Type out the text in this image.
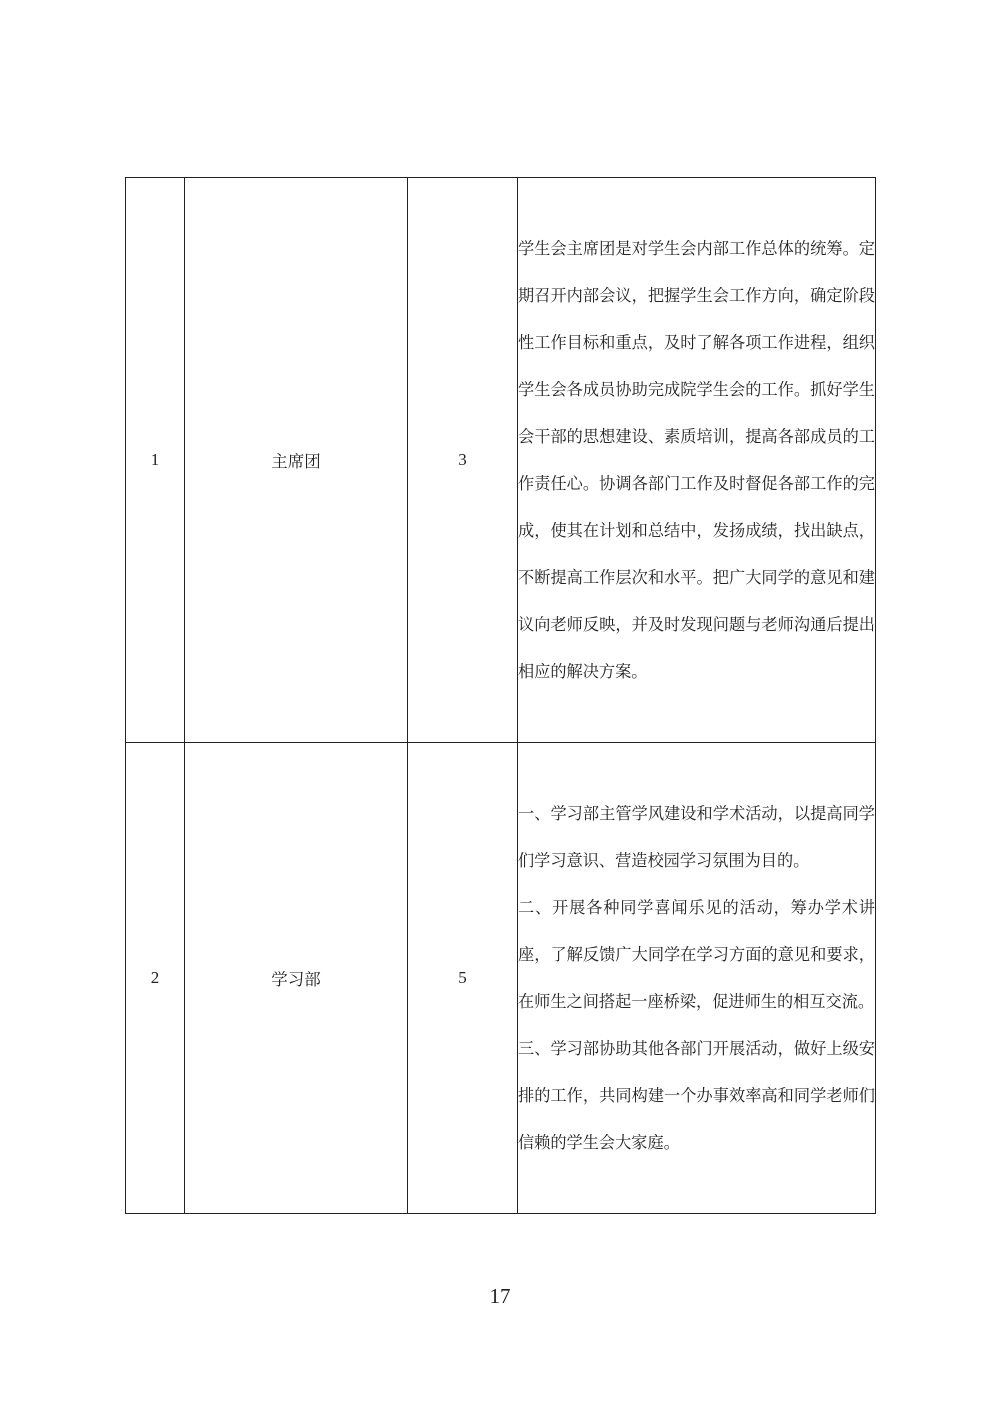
1	主席团	3	学生会主席团是对学生会内部工作总体的统筹。定期召开内部会议，把握学生会工作方向，确定阶段性工作目标和重点，及时了解各项工作进程，组织学生会各成员协助完成院学生会的工作。抓好学生会干部的思想建设、素质培训，提高各部成员的工作责任心。协调各部门工作及时督促各部工作的完成，使其在计划和总结中，发扬成绩，找出缺点，不断提高工作层次和水平。把广大同学的意见和建议向老师反映，并及时发现问题与老师沟通后提出相应的解决方案。

2	学习部	5	一、学习部主管学风建设和学术活动，以提高同学们学习意识、营造校园学习氛围为目的。

二、开展各种同学喜闻乐见的活动，筹办学术讲座，了解反馈广大同学在学习方面的意见和要求，在师生之间搭起一座桥梁，促进师生的相互交流。

三、学习部协助其他各部门开展活动，做好上级安排的工作，共同构建一个办事效率高和同学老师们信赖的学生会大家庭。

17
